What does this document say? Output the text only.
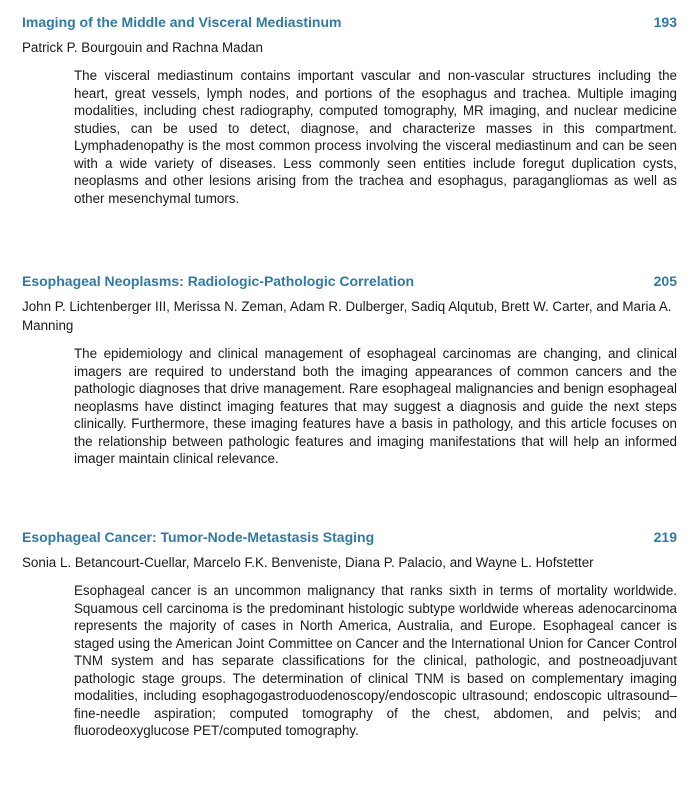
Imaging of the Middle and Visceral Mediastinum	193
Patrick P. Bourgouin and Rachna Madan
The visceral mediastinum contains important vascular and non-vascular structures including the heart, great vessels, lymph nodes, and portions of the esophagus and trachea. Multiple imaging modalities, including chest radiography, computed tomography, MR imaging, and nuclear medicine studies, can be used to detect, diagnose, and characterize masses in this compartment. Lymphadenopathy is the most common process involving the visceral mediastinum and can be seen with a wide variety of diseases. Less commonly seen entities include foregut duplication cysts, neoplasms and other lesions arising from the trachea and esophagus, paragangliomas as well as other mesenchymal tumors.
Esophageal Neoplasms: Radiologic-Pathologic Correlation	205
John P. Lichtenberger III, Merissa N. Zeman, Adam R. Dulberger, Sadiq Alqutub, Brett W. Carter, and Maria A. Manning
The epidemiology and clinical management of esophageal carcinomas are changing, and clinical imagers are required to understand both the imaging appearances of common cancers and the pathologic diagnoses that drive management. Rare esophageal malignancies and benign esophageal neoplasms have distinct imaging features that may suggest a diagnosis and guide the next steps clinically. Furthermore, these imaging features have a basis in pathology, and this article focuses on the relationship between pathologic features and imaging manifestations that will help an informed imager maintain clinical relevance.
Esophageal Cancer: Tumor-Node-Metastasis Staging	219
Sonia L. Betancourt-Cuellar, Marcelo F.K. Benveniste, Diana P. Palacio, and Wayne L. Hofstetter
Esophageal cancer is an uncommon malignancy that ranks sixth in terms of mortality worldwide. Squamous cell carcinoma is the predominant histologic subtype worldwide whereas adenocarcinoma represents the majority of cases in North America, Australia, and Europe. Esophageal cancer is staged using the American Joint Committee on Cancer and the International Union for Cancer Control TNM system and has separate classifications for the clinical, pathologic, and postneoadjuvant pathologic stage groups. The determination of clinical TNM is based on complementary imaging modalities, including esophagogastroduodenoscopy/endoscopic ultrasound; endoscopic ultrasound–fine-needle aspiration; computed tomography of the chest, abdomen, and pelvis; and fluorodeoxyglucose PET/computed tomography.
